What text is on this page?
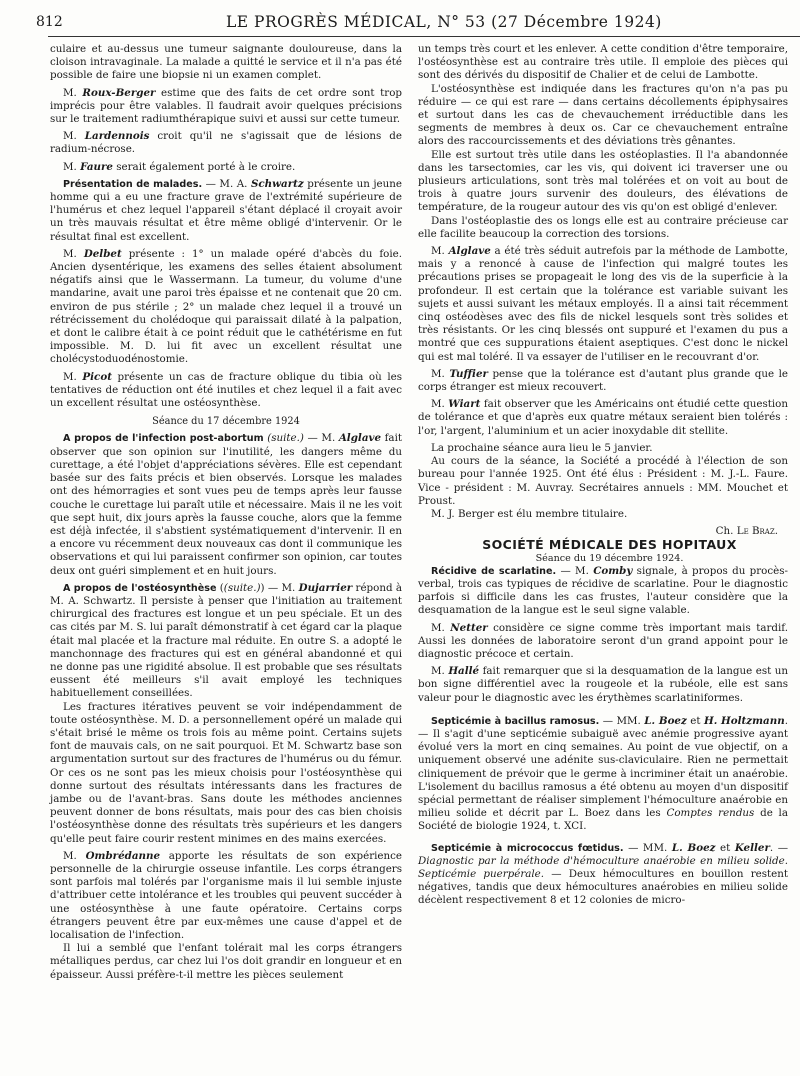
812	LE PROGRÈS MÉDICAL, N° 53 (27 Décembre 1924)

culaire et au-dessus une tumeur saignante douloureuse, dans la cloison intravaginale. La malade a quitté le service et il n'a pas été possible de faire une biopsie ni un examen complet.

M. Roux-Berger estime que des faits de cet ordre sont trop imprécis pour être valables. Il faudrait avoir quelques précisions sur le traitement radiumthérapique suivi et aussi sur cette tumeur.

M. Lardennois croit qu'il ne s'agissait que de lésions de radium-nécrose.

M. Faure serait également porté à le croire.

Présentation de malades. — M. A. Schwartz présente un jeune homme qui a eu une fracture grave de l'extrémité supérieure de l'humérus et chez lequel l'appareil s'étant déplacé il croyait avoir un très mauvais résultat et être même obligé d'intervenir. Or le résultat final est excellent.

M. Delbet présente : 1° un malade opéré d'abcès du foie. Ancien dysentérique, les examens des selles étaient absolument négatifs ainsi que le Wassermann. La tumeur, du volume d'une mandarine, avait une paroi très épaisse et ne contenait que 20 cm. environ de pus stérile ; 2° un malade chez lequel il a trouvé un rétrécissement du cholédoque qui paraissait dilaté à la palpation, et dont le calibre était à ce point réduit que le cathétérisme en fut impossible. M. D. lui fit avec un excellent résultat une cholécystoduodénostomie.

M. Picot présente un cas de fracture oblique du tibia où les tentatives de réduction ont été inutiles et chez lequel il a fait avec un excellent résultat une ostéosynthèse.

Séance du 17 décembre 1924

A propos de l'infection post-abortum (suite.) — M. Alglave fait observer que son opinion sur l'inutilité, les dangers même du curettage, a été l'objet d'appréciations sévères. Elle est cependant basée sur des faits précis et bien observés. Lorsque les malades ont des hémorragies et sont vues peu de temps après leur fausse couche le curettage lui paraît utile et nécessaire. Mais il ne les voit que sept huit, dix jours après la fausse couche, alors que la femme est déjà infectée, il s'abstient systématiquement d'intervenir. Il en a encore vu récemment deux nouveaux cas dont il communique les observations et qui lui paraissent confirmer son opinion, car toutes deux ont guéri simplement et en huit jours.

A propos de l'ostéosynthèse ((suite.)) — M. Dujarrier répond à M. A. Schwartz. Il persiste à penser que l'initiation au traitement chirurgical des fractures est longue et un peu spéciale. Et un des cas cités par M. S. lui paraît démonstratif à cet égard car la plaque était mal placée et la fracture mal réduite. En outre S. a adopté le manchonnage des fractures qui est en général abandonné et qui ne donne pas une rigidité absolue. Il est probable que ses résultats eussent été meilleurs s'il avait employé les techniques habituellement conseillées.

Les fractures itératives peuvent se voir indépendamment de toute ostéosynthèse. M. D. a personnellement opéré un malade qui s'était brisé le même os trois fois au même point. Certains sujets font de mauvais cals, on ne sait pourquoi. Et M. Schwartz base son argumentation surtout sur des fractures de l'humérus ou du fémur. Or ces os ne sont pas les mieux choisis pour l'ostéosynthèse qui donne surtout des résultats intéressants dans les fractures de jambe ou de l'avant-bras. Sans doute les méthodes anciennes peuvent donner de bons résultats, mais pour des cas bien choisis l'ostéosynthèse donne des résultats très supérieurs et les dangers qu'elle peut faire courir restent minimes en des mains exercées.

M. Ombrédanne apporte les résultats de son expérience personnelle de la chirurgie osseuse infantile. Les corps étrangers sont parfois mal tolérés par l'organisme mais il lui semble injuste d'attribuer cette intolérance et les troubles qui peuvent succéder à une ostéosynthèse à une faute opératoire. Certains corps étrangers peuvent être par eux-mêmes une cause d'appel et de localisation de l'infection.

Il lui a semblé que l'enfant tolérait mal les corps étrangers métalliques perdus, car chez lui l'os doit grandir en longueur et en épaisseur. Aussi préfère-t-il mettre les pièces seulement

un temps très court et les enlever. A cette condition d'être temporaire, l'ostéosynthèse est au contraire très utile. Il emploie des pièces qui sont des dérivés du dispositif de Chalier et de celui de Lambotte.

L'ostéosynthèse est indiquée dans les fractures qu'on n'a pas pu réduire — ce qui est rare — dans certains décollements épiphysaires et surtout dans les cas de chevauchement irréductible dans les segments de membres à deux os. Car ce chevauchement entraîne alors des raccourcissements et des déviations très gênantes.

Elle est surtout très utile dans les ostéoplasties. Il l'a abandonnée dans les tarsectomies, car les vis, qui doivent ici traverser une ou plusieurs articulations, sont très mal tolérées et on voit au bout de trois à quatre jours survenir des douleurs, des élévations de température, de la rougeur autour des vis qu'on est obligé d'enlever.

Dans l'ostéoplastie des os longs elle est au contraire précieuse car elle facilite beaucoup la correction des torsions.

M. Alglave a été très séduit autrefois par la méthode de Lambotte, mais y a renoncé à cause de l'infection qui malgré toutes les précautions prises se propageait le long des vis de la superficie à la profondeur. Il est certain que la tolérance est variable suivant les sujets et aussi suivant les métaux employés. Il a ainsi tait récemment cinq ostéodèses avec des fils de nickel lesquels sont très solides et très résistants. Or les cinq blessés ont suppuré et l'examen du pus a montré que ces suppurations étaient aseptiques. C'est donc le nickel qui est mal toléré. Il va essayer de l'utiliser en le recouvrant d'or.

M. Tuffier pense que la tolérance est d'autant plus grande que le corps étranger est mieux recouvert.

M. Wiart fait observer que les Américains ont étudié cette question de tolérance et que d'après eux quatre métaux seraient bien tolérés : l'or, l'argent, l'aluminium et un acier inoxydable dit stellite.

La prochaine séance aura lieu le 5 janvier.

Au cours de la séance, la Société a procédé à l'élection de son bureau pour l'année 1925. Ont été élus : Président : M. J.-L. Faure. Vice - président : M. Auvray. Secrétaires annuels : MM. Mouchet et Proust.

M. J. Berger est élu membre titulaire.

Ch. Le Braz.

SOCIÉTÉ MÉDICALE DES HOPITAUX

Séance du 19 décembre 1924.

Récidive de scarlatine. — M. Comby signale, à propos du procès-verbal, trois cas typiques de récidive de scarlatine. Pour le diagnostic parfois si difficile dans les cas frustes, l'auteur considère que la desquamation de la langue est le seul signe valable.

M. Netter considère ce signe comme très important mais tardif. Aussi les données de laboratoire seront d'un grand appoint pour le diagnostic précoce et certain.

M. Hallé fait remarquer que si la desquamation de la langue est un bon signe différentiel avec la rougeole et la rubéole, elle est sans valeur pour le diagnostic avec les érythèmes scarlatiniformes.

Septicémie à bacillus ramosus. — MM. L. Boez et H. Holtzmann. — Il s'agit d'une septicémie subaiguë avec anémie progressive ayant évolué vers la mort en cinq semaines. Au point de vue objectif, on a uniquement observé une adénite sus-claviculaire. Rien ne permettait cliniquement de prévoir que le germe à incriminer était un anaérobie. L'isolement du bacillus ramosus a été obtenu au moyen d'un dispositif spécial permettant de réaliser simplement l'hémoculture anaérobie en milieu solide et décrit par L. Boez dans les Comptes rendus de la Société de biologie 1924, t. XCI.

Septicémie à micrococcus fœtidus. — MM. L. Boez et Keller. — Diagnostic par la méthode d'hémoculture anaérobie en milieu solide. Septicémie puerpérale. — Deux hémocultures en bouillon restent négatives, tandis que deux hémocultures anaérobies en milieu solide décèlent respectivement 8 et 12 colonies de micro-
